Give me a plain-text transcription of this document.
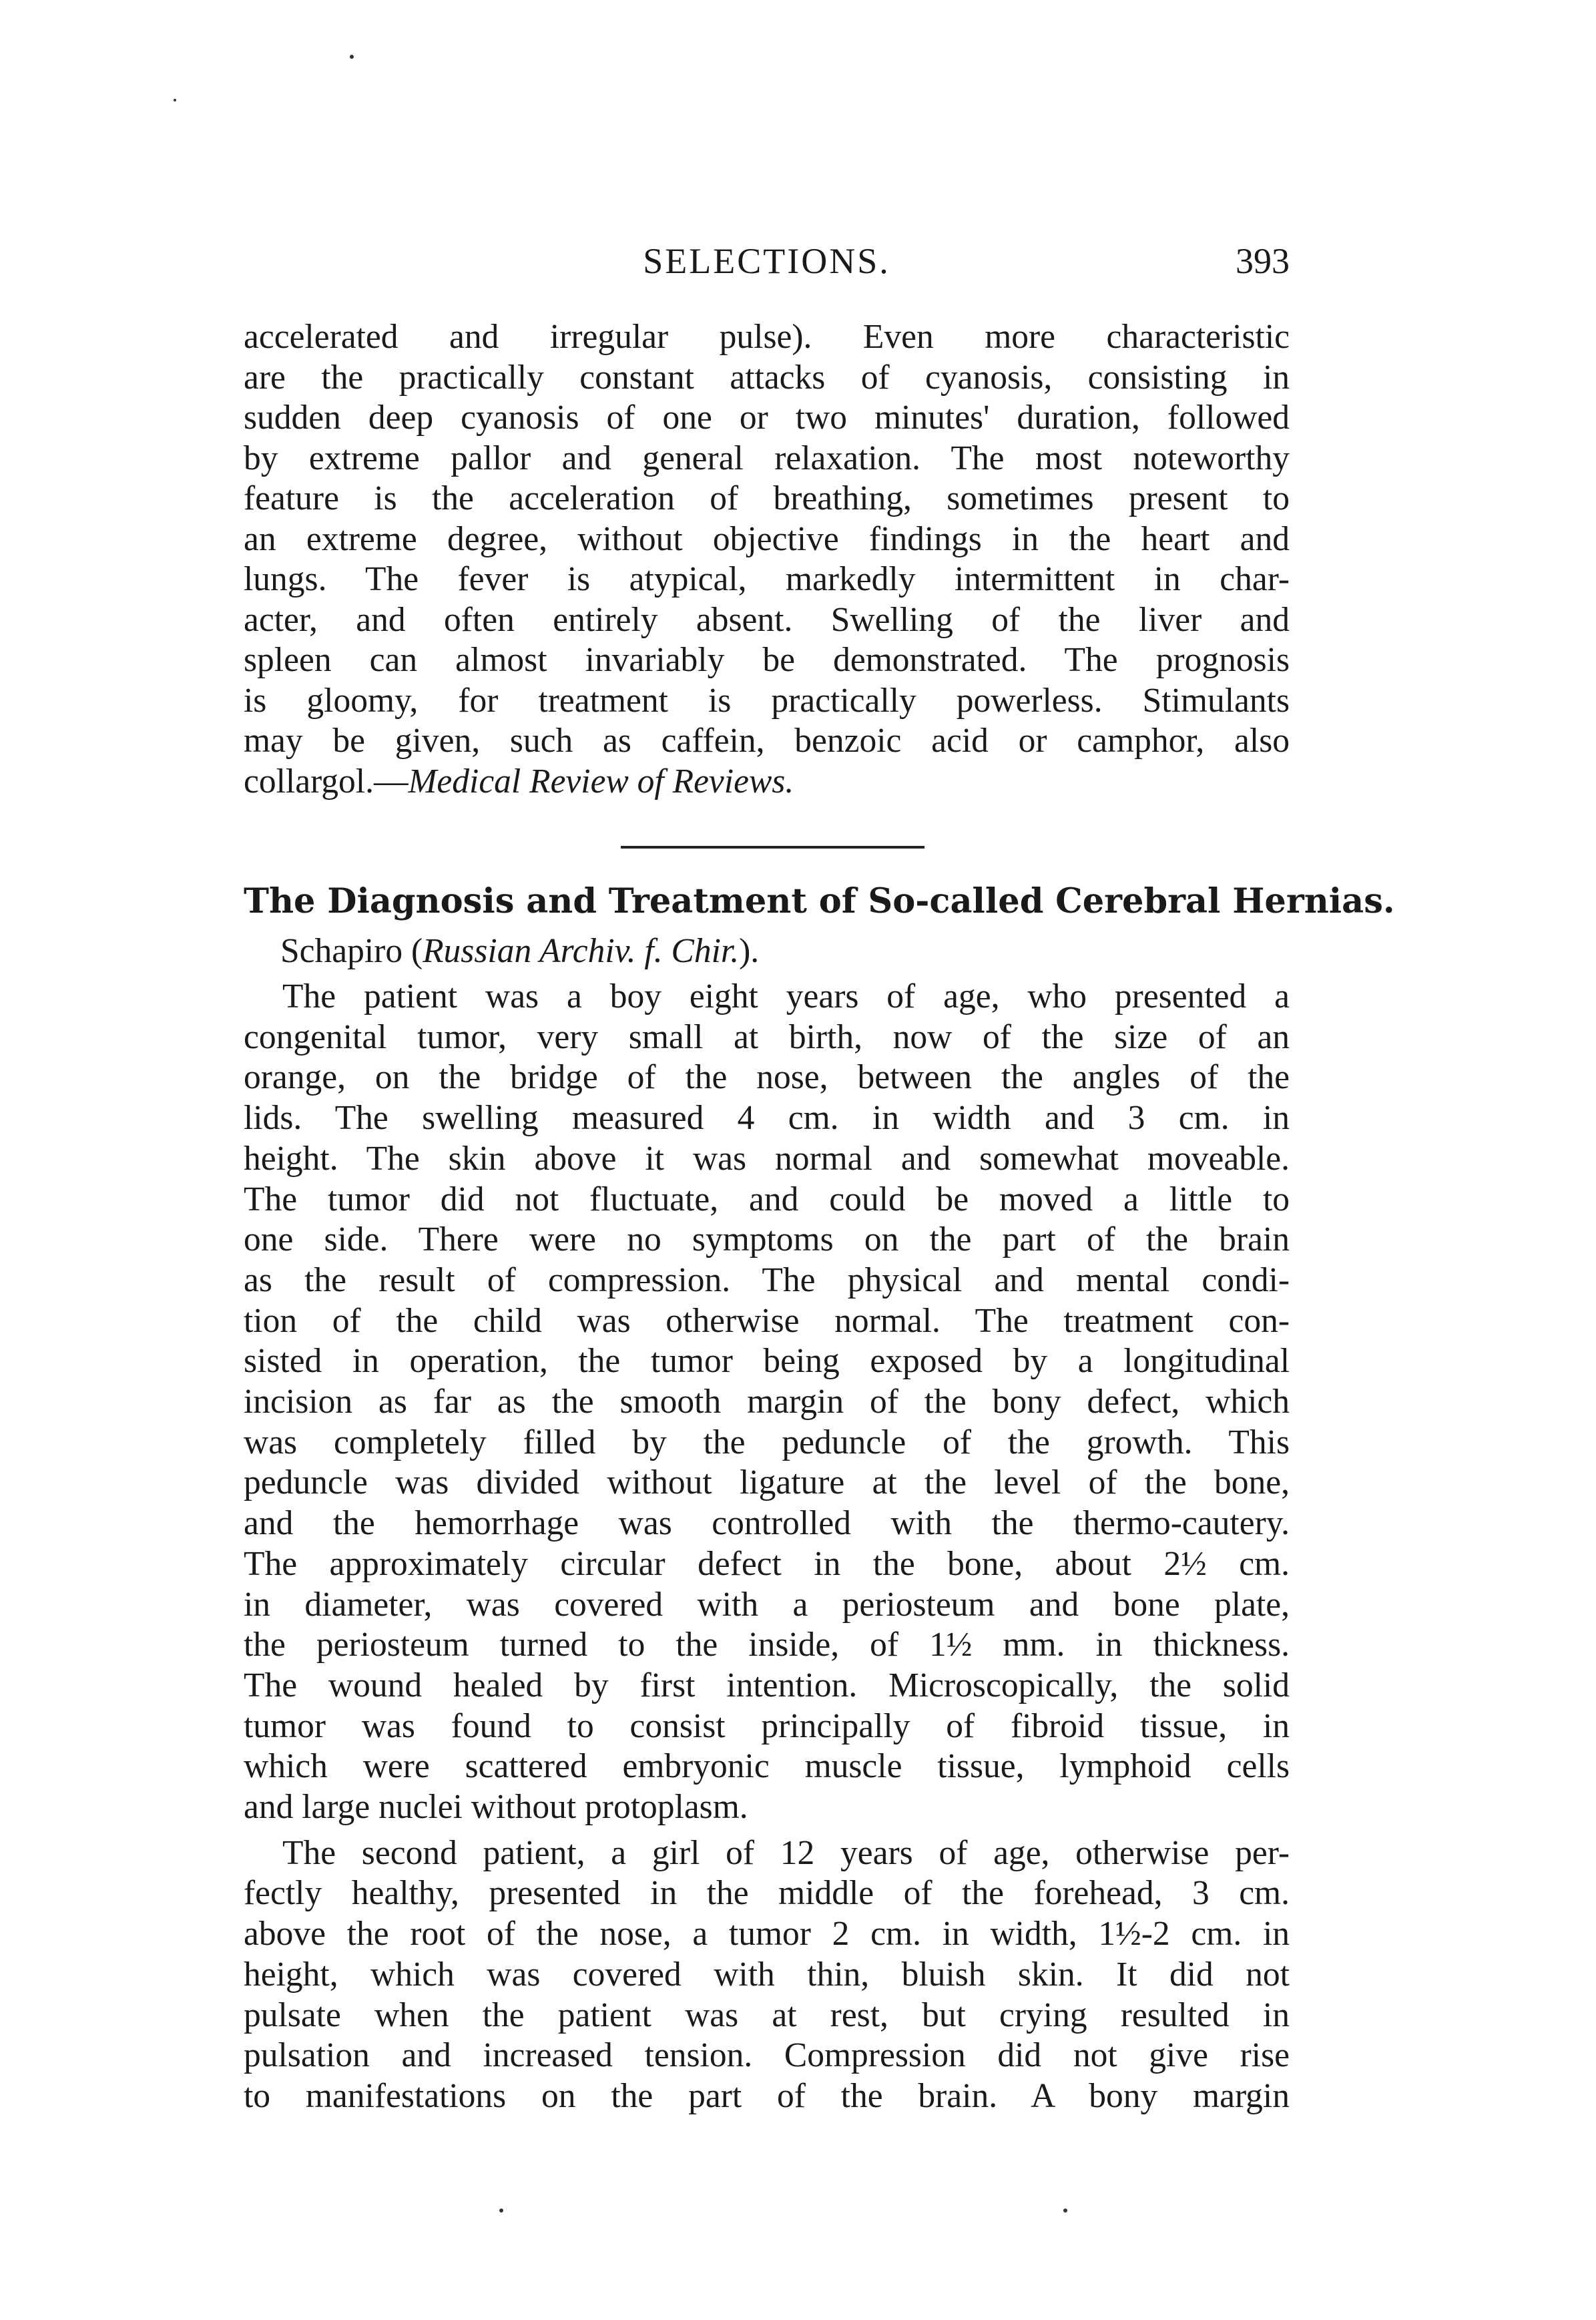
SELECTIONS.	393
accelerated and irregular pulse). Even more characteristic
are the practically constant attacks of cyanosis, consisting in
sudden deep cyanosis of one or two minutes' duration, followed
by extreme pallor and general relaxation. The most noteworthy
feature is the acceleration of breathing, sometimes present to
an extreme degree, without objective findings in the heart and
lungs. The fever is atypical, markedly intermittent in char-
acter, and often entirely absent. Swelling of the liver and
spleen can almost invariably be demonstrated. The prognosis
is gloomy, for treatment is practically powerless. Stimulants
may be given, such as caffein, benzoic acid or camphor, also
collargol.—Medical Review of Reviews.
The Diagnosis and Treatment of So-called Cerebral Hernias.
Schapiro (Russian Archiv. f. Chir.).
The patient was a boy eight years of age, who presented a
congenital tumor, very small at birth, now of the size of an
orange, on the bridge of the nose, between the angles of the
lids. The swelling measured 4 cm. in width and 3 cm. in
height. The skin above it was normal and somewhat moveable.
The tumor did not fluctuate, and could be moved a little to
one side. There were no symptoms on the part of the brain
as the result of compression. The physical and mental condi-
tion of the child was otherwise normal. The treatment con-
sisted in operation, the tumor being exposed by a longitudinal
incision as far as the smooth margin of the bony defect, which
was completely filled by the peduncle of the growth. This
peduncle was divided without ligature at the level of the bone,
and the hemorrhage was controlled with the thermo-cautery.
The approximately circular defect in the bone, about 2½ cm.
in diameter, was covered with a periosteum and bone plate,
the periosteum turned to the inside, of 1½ mm. in thickness.
The wound healed by first intention. Microscopically, the solid
tumor was found to consist principally of fibroid tissue, in
which were scattered embryonic muscle tissue, lymphoid cells
and large nuclei without protoplasm.
The second patient, a girl of 12 years of age, otherwise per-
fectly healthy, presented in the middle of the forehead, 3 cm.
above the root of the nose, a tumor 2 cm. in width, 1½-2 cm. in
height, which was covered with thin, bluish skin. It did not
pulsate when the patient was at rest, but crying resulted in
pulsation and increased tension. Compression did not give rise
to manifestations on the part of the brain. A bony margin
